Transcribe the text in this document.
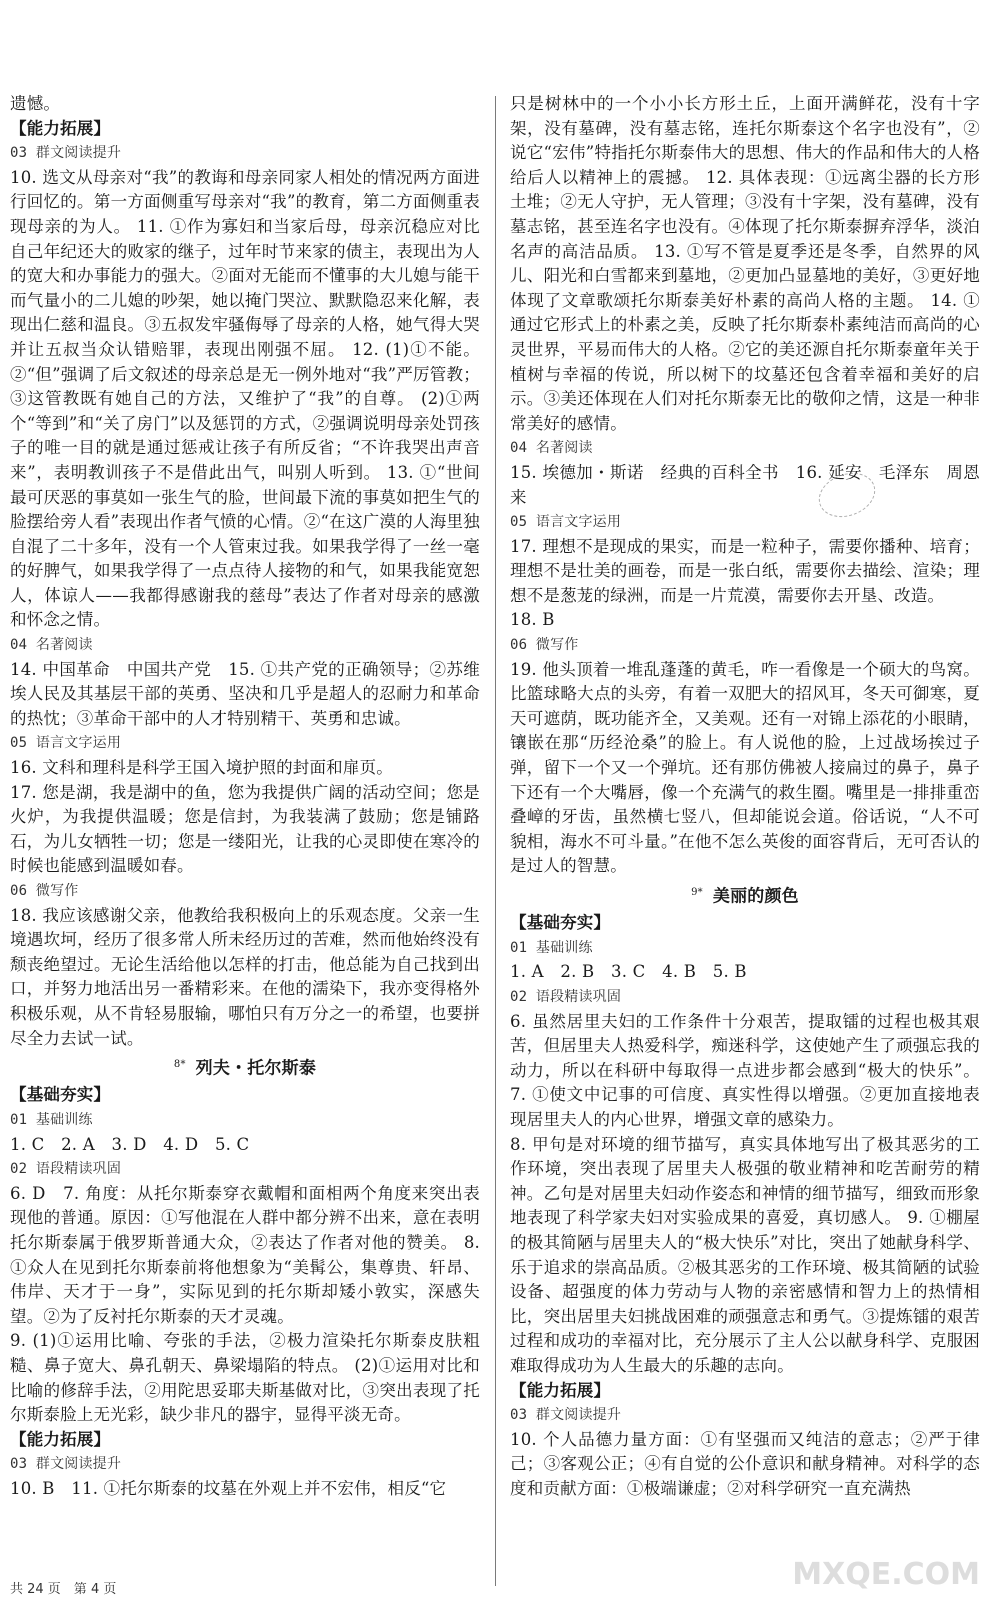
遗憾。

【能力拓展】

03 群文阅读提升

10. 选文从母亲对“我”的教诲和母亲同家人相处的情况两方面进行回忆的。第一方面侧重写母亲对“我”的教育，第二方面侧重表现母亲的为人。 11. ①作为寡妇和当家后母，母亲沉稳应对比自己年纪还大的败家的继子，过年时节来家的债主，表现出为人的宽大和办事能力的强大。②面对无能而不懂事的大儿媳与能干而气量小的二儿媳的吵架，她以掩门哭泣、默默隐忍来化解，表现出仁慈和温良。③五叔发牢骚侮辱了母亲的人格，她气得大哭并让五叔当众认错赔罪，表现出刚强不屈。 12. (1)①不能。②“但”强调了后文叙述的母亲总是无一例外地对“我”严厉管教；③这管教既有她自己的方法，又维护了“我”的自尊。 (2)①两个“等到”和“关了房门”以及惩罚的方式，②强调说明母亲处罚孩子的唯一目的就是通过惩戒让孩子有所反省；“不许我哭出声音来”，表明教训孩子不是借此出气，叫别人听到。 13. ①“世间最可厌恶的事莫如一张生气的脸，世间最下流的事莫如把生气的脸摆给旁人看”表现出作者气愤的心情。②“在这广漠的人海里独自混了二十多年，没有一个人管束过我。如果我学得了一丝一毫的好脾气，如果我学得了一点点待人接物的和气，如果我能宽恕人，体谅人——我都得感谢我的慈母”表达了作者对母亲的感激和怀念之情。

04 名著阅读

14. 中国革命　中国共产党　15. ①共产党的正确领导；②苏维埃人民及其基层干部的英勇、坚决和几乎是超人的忍耐力和革命的热忱；③革命干部中的人才特别精干、英勇和忠诚。

05 语言文字运用

16. 文科和理科是科学王国入境护照的封面和扉页。

17. 您是湖，我是湖中的鱼，您为我提供广阔的活动空间；您是火炉，为我提供温暖；您是信封，为我装满了鼓励；您是铺路石，为儿女牺牲一切；您是一缕阳光，让我的心灵即使在寒冷的时候也能感到温暖如春。

06 微写作

18. 我应该感谢父亲，他教给我积极向上的乐观态度。父亲一生境遇坎坷，经历了很多常人所未经历过的苦难，然而他始终没有颓丧绝望过。无论生活给他以怎样的打击，他总能为自己找到出口，并努力地活出另一番精彩来。在他的濡染下，我亦变得格外积极乐观，从不肯轻易服输，哪怕只有万分之一的希望，也要拼尽全力去试一试。

$^{8*}$ 列夫・托尔斯泰

【基础夯实】

01 基础训练

1. C　2. A　3. D　4. D　5. C

02 语段精读巩固

6. D　7. 角度：从托尔斯泰穿衣戴帽和面相两个角度来突出表现他的普通。原因：①写他混在人群中都分辨不出来，意在表明托尔斯泰属于俄罗斯普通大众，②表达了作者对他的赞美。 8. ①众人在见到托尔斯泰前将他想象为“美髯公，集尊贵、轩昂、伟岸、天才于一身”，实际见到的托尔斯却矮小敦实，深感失望。②为了反衬托尔斯泰的天才灵魂。

9. (1)①运用比喻、夸张的手法，②极力渲染托尔斯泰皮肤粗糙、鼻子宽大、鼻孔朝天、鼻梁塌陷的特点。 (2)①运用对比和比喻的修辞手法，②用陀思妥耶夫斯基做对比，③突出表现了托尔斯泰脸上无光彩，缺少非凡的器宇，显得平淡无奇。

【能力拓展】

03 群文阅读提升

10. B　11. ①托尔斯泰的坟墓在外观上并不宏伟，相反“它

只是树林中的一个小小长方形土丘，上面开满鲜花，没有十字架，没有墓碑，没有墓志铭，连托尔斯泰这个名字也没有”，②说它“宏伟”特指托尔斯泰伟大的思想、伟大的作品和伟大的人格给后人以精神上的震撼。 12. 具体表现：①远离尘器的长方形土堆；②无人守护，无人管理；③没有十字架，没有墓碑，没有墓志铭，甚至连名字也没有。④体现了托尔斯泰摒弃浮华，淡泊名声的高洁品质。 13. ①写不管是夏季还是冬季，自然界的风儿、阳光和白雪都来到墓地，②更加凸显墓地的美好，③更好地体现了文章歌颂托尔斯泰美好朴素的高尚人格的主题。 14. ①通过它形式上的朴素之美，反映了托尔斯泰朴素纯洁而高尚的心灵世界，平易而伟大的人格。②它的美还源自托尔斯泰童年关于植树与幸福的传说，所以树下的坟墓还包含着幸福和美好的启示。③美还体现在人们对托尔斯泰无比的敬仰之情，这是一种非常美好的感情。

04 名著阅读

15. 埃德加・斯诺　经典的百科全书　16. 延安　毛泽东　周恩来

05 语言文字运用

17. 理想不是现成的果实，而是一粒种子，需要你播种、培育；理想不是壮美的画卷，而是一张白纸，需要你去描绘、渲染；理想不是葱茏的绿洲，而是一片荒漠，需要你去开垦、改造。

18. B

06 微写作

19. 他头顶着一堆乱蓬蓬的黄毛，咋一看像是一个硕大的鸟窝。比篮球略大点的头旁，有着一双肥大的招风耳，冬天可御寒，夏天可遮荫，既功能齐全，又美观。还有一对锦上添花的小眼睛，镶嵌在那“历经沧桑”的脸上。有人说他的脸，上过战场挨过子弹，留下一个又一个弹坑。还有那仿佛被人接扁过的鼻子，鼻子下还有一个大嘴唇，像一个充满气的救生圈。嘴里是一排排重峦叠嶂的牙齿，虽然横七竖八，但却能说会道。俗话说，“人不可貌相，海水不可斗量。”在他不怎么英俊的面容背后，无可否认的是过人的智慧。

$^{9*}$ 美丽的颜色

【基础夯实】

01 基础训练

1. A　2. B　3. C　4. B　5. B

02 语段精读巩固

6. 虽然居里夫妇的工作条件十分艰苦，提取镭的过程也极其艰苦，但居里夫人热爱科学，痴迷科学，这使她产生了顽强忘我的动力，所以在科研中每取得一点进步都会感到“极大的快乐”。 7. ①使文中记事的可信度、真实性得以增强。②更加直接地表现居里夫人的内心世界，增强文章的感染力。

8. 甲句是对环境的细节描写，真实具体地写出了极其恶劣的工作环境，突出表现了居里夫人极强的敬业精神和吃苦耐劳的精神。乙句是对居里夫妇动作姿态和神情的细节描写，细致而形象地表现了科学家夫妇对实验成果的喜爱，真切感人。 9. ①棚屋的极其简陋与居里夫人的“极大快乐”对比，突出了她献身科学、乐于追求的崇高品质。②极其恶劣的工作环境、极其简陋的试验设备、超强度的体力劳动与人物的亲密感情和智力上的热情相比，突出居里夫妇挑战困难的顽强意志和勇气。③提炼镭的艰苦过程和成功的幸福对比，充分展示了主人公以献身科学、克服困难取得成功为人生最大的乐趣的志向。

【能力拓展】

03 群文阅读提升

10. 个人品德力量方面：①有坚强而又纯洁的意志；②严于律己；③客观公正；④有自觉的公仆意识和献身精神。对科学的态度和贡献方面：①极端谦虚；②对科学研究一直充满热

共 24 页　第 4 页	MXQE.COM
